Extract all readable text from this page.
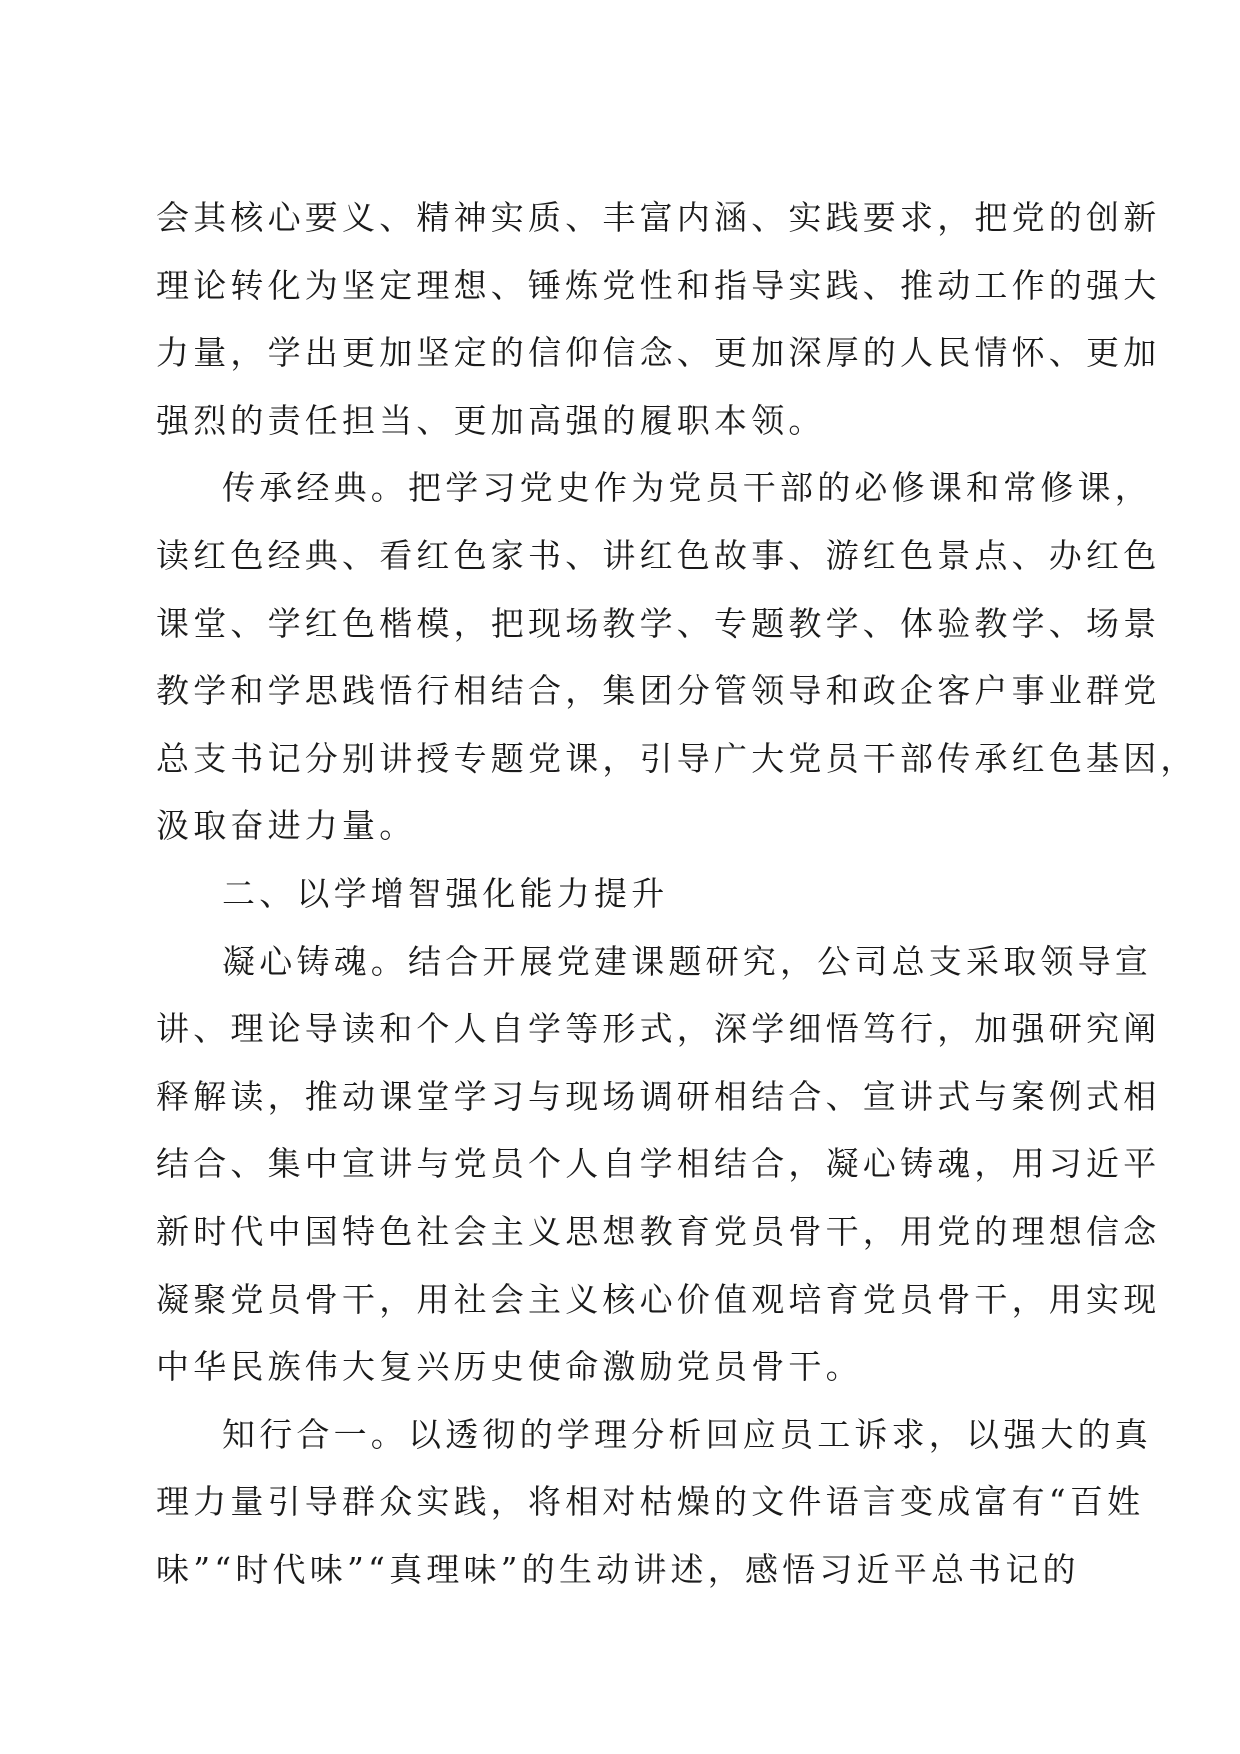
会其核心要义、精神实质、丰富内涵、实践要求，把党的创新
理论转化为坚定理想、锤炼党性和指导实践、推动工作的强大
力量，学出更加坚定的信仰信念、更加深厚的人民情怀、更加
强烈的责任担当、更加高强的履职本领。
传承经典。把学习党史作为党员干部的必修课和常修课，
读红色经典、看红色家书、讲红色故事、游红色景点、办红色
课堂、学红色楷模，把现场教学、专题教学、体验教学、场景
教学和学思践悟行相结合，集团分管领导和政企客户事业群党
总支书记分别讲授专题党课，引导广大党员干部传承红色基因，
汲取奋进力量。
二、以学增智强化能力提升
凝心铸魂。结合开展党建课题研究，公司总支采取领导宣
讲、理论导读和个人自学等形式，深学细悟笃行，加强研究阐
释解读，推动课堂学习与现场调研相结合、宣讲式与案例式相
结合、集中宣讲与党员个人自学相结合，凝心铸魂，用习近平
新时代中国特色社会主义思想教育党员骨干，用党的理想信念
凝聚党员骨干，用社会主义核心价值观培育党员骨干，用实现
中华民族伟大复兴历史使命激励党员骨干。
知行合一。以透彻的学理分析回应员工诉求，以强大的真
理力量引导群众实践，将相对枯燥的文件语言变成富有“百姓
味”“时代味”“真理味”的生动讲述，感悟习近平总书记的
